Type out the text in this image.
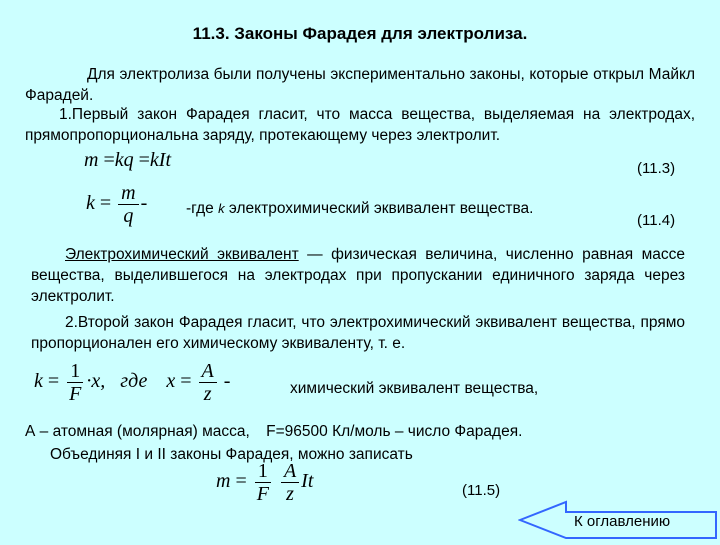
11.3. Законы Фарадея для электролиза.
Для электролиза были получены экспериментально законы, которые открыл Майкл Фарадей.
1.Первый закон Фарадея гласит, что масса вещества, выделяемая на электродах, прямопропорциональна заряду, протекающему через электролит.
m =kq =kIt	(11.3)
$k = \frac{m}{q} - -где$ k электрохимический эквивалент вещества.
(11.4)
Электрохимический эквивалент — физическая величина, численно равная массе вещества, выделившегося на электродах при пропускании единичного заряда через электролит.
2.Второй закон Фарадея гласит, что электрохимический эквивалент вещества, прямо пропорционален его химическому эквиваленту, т. е.
$k = \frac{1}{F} \cdot x$, где $x = \frac{A}{z}$ -	химический эквивалент вещества,
А – атомная (молярная) масса, F=96500 Кл/моль – число Фарадея.
Объединяя I и II законы Фарадея, можно записать
$m = \frac{1}{F}$
$\frac{A}{z}$ It	(11.5)
К оглавлению
